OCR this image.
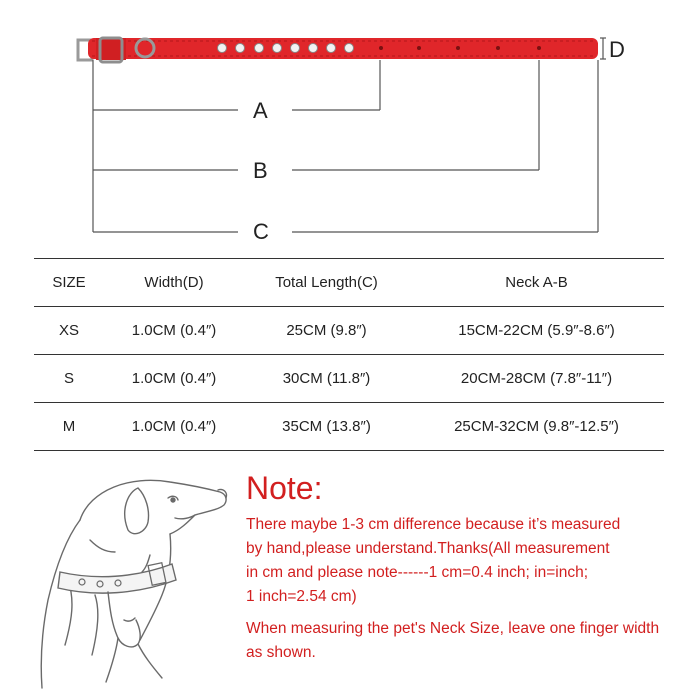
A
B
C
D
SIZE	Width(D)	Total Length(C)	Neck A-B
XS	1.0CM (0.4″)	25CM (9.8″)	15CM-22CM (5.9″-8.6″)
S	1.0CM (0.4″)	30CM (11.8″)	20CM-28CM (7.8″-11″)
M	1.0CM (0.4″)	35CM (13.8″)	25CM-32CM (9.8″-12.5″)
Note:
There maybe 1-3 cm difference because it’s measured
by hand,please understand.Thanks(All measurement
in cm and please note------1 cm=0.4 inch; in=inch;
1 inch=2.54 cm)
When measuring the pet's Neck Size, leave one finger width as shown.
